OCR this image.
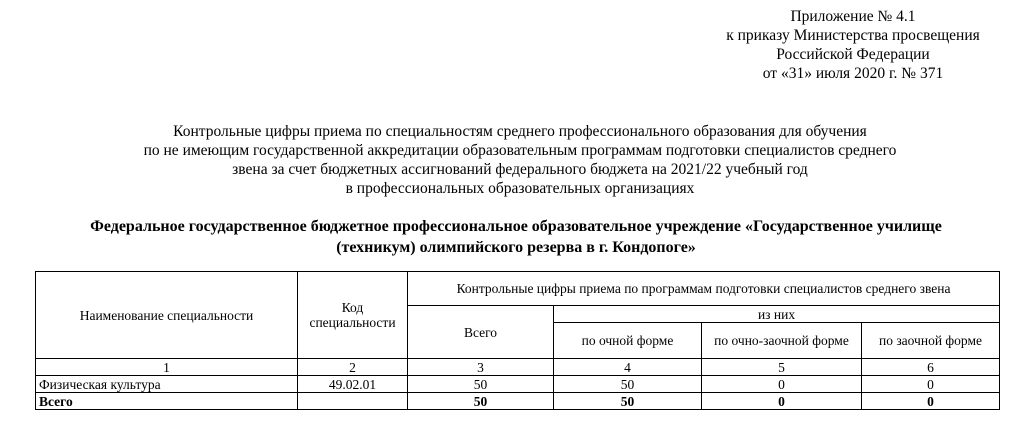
Приложение № 4.1
к приказу Министерства просвещения
Российской Федерации
от «31» июля 2020 г. № 371
Контрольные цифры приема по специальностям среднего профессионального образования для обучения
по не имеющим государственной аккредитации образовательным программам подготовки специалистов среднего
звена за счет бюджетных ассигнований федерального бюджета на 2021/22 учебный год
в профессиональных образовательных организациях
Федеральное государственное бюджетное профессиональное образовательное учреждение «Государственное училище
(техникум) олимпийского резерва в г. Кондопоге»
Наименование специальности	Код специальности	Контрольные цифры приема по программам подготовки специалистов среднего звена			
		Всего	из них		
			по очной форме	по очно-заочной форме	по заочной форме
1	2	3	4	5	6
Физическая культура	49.02.01	50	50	0	0
Всего		50	50	0	0
